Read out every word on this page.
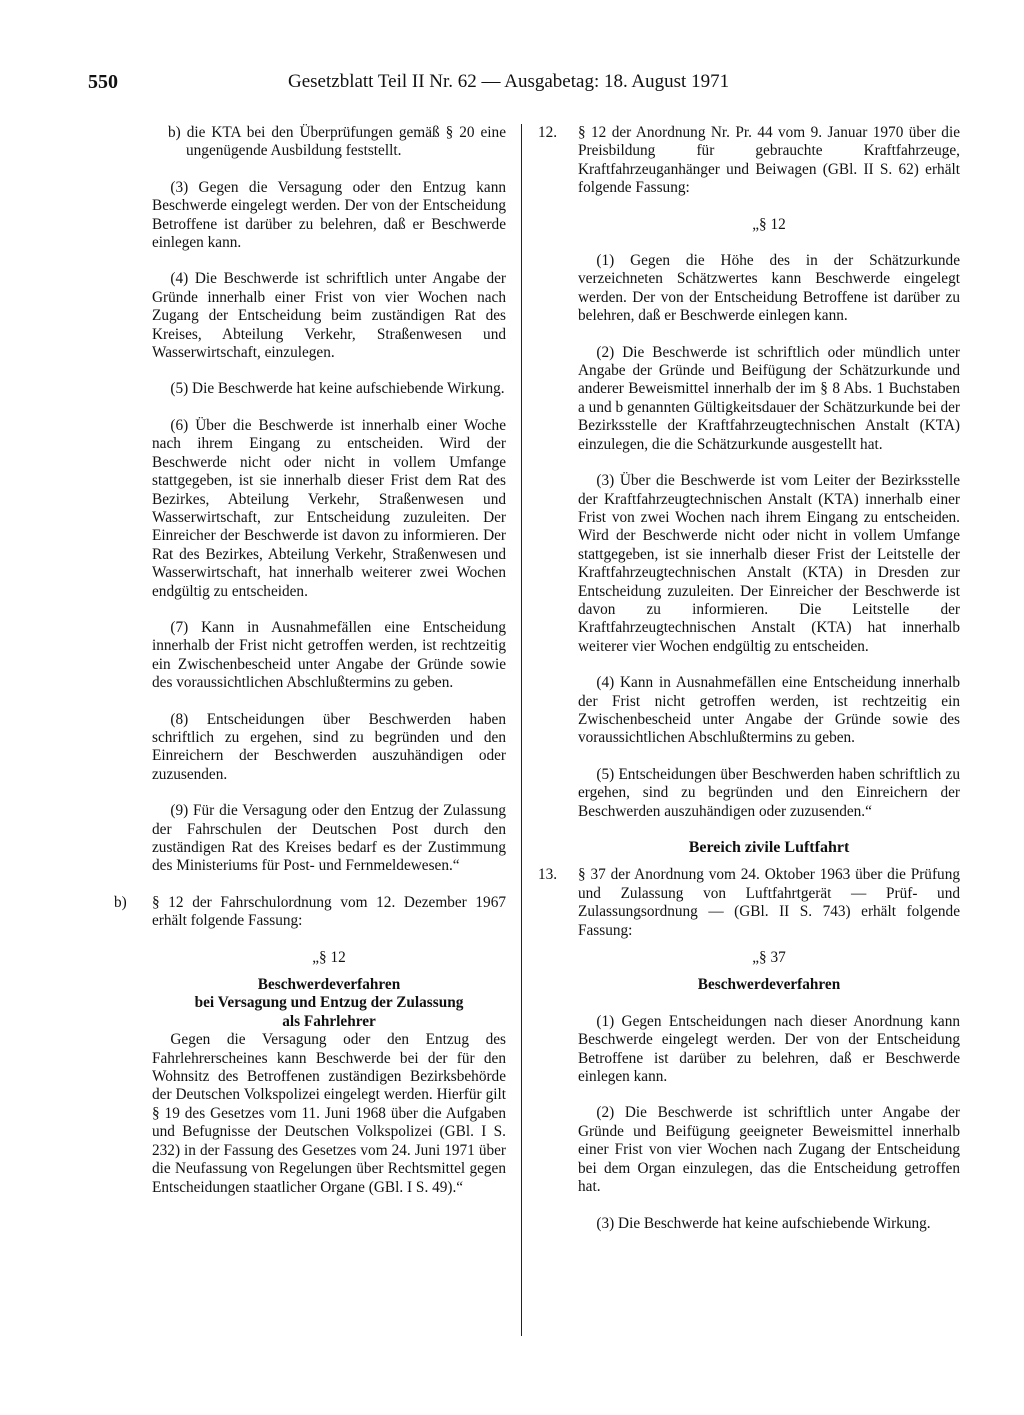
550	Gesetzblatt Teil II Nr. 62 — Ausgabetag: 18. August 1971

b) die KTA bei den Überprüfungen gemäß § 20 eine ungenügende Ausbildung feststellt.

(3) Gegen die Versagung oder den Entzug kann Beschwerde eingelegt werden. Der von der Entscheidung Betroffene ist darüber zu belehren, daß er Beschwerde einlegen kann.

(4) Die Beschwerde ist schriftlich unter Angabe der Gründe innerhalb einer Frist von vier Wochen nach Zugang der Entscheidung beim zuständigen Rat des Kreises, Abteilung Verkehr, Straßenwesen und Wasserwirtschaft, einzulegen.

(5) Die Beschwerde hat keine aufschiebende Wirkung.

(6) Über die Beschwerde ist innerhalb einer Woche nach ihrem Eingang zu entscheiden. Wird der Beschwerde nicht oder nicht in vollem Umfange stattgegeben, ist sie innerhalb dieser Frist dem Rat des Bezirkes, Abteilung Verkehr, Straßenwesen und Wasserwirtschaft, zur Entscheidung zuzuleiten. Der Einreicher der Beschwerde ist davon zu informieren. Der Rat des Bezirkes, Abteilung Verkehr, Straßenwesen und Wasserwirtschaft, hat innerhalb weiterer zwei Wochen endgültig zu entscheiden.

(7) Kann in Ausnahmefällen eine Entscheidung innerhalb der Frist nicht getroffen werden, ist rechtzeitig ein Zwischenbescheid unter Angabe der Gründe sowie des voraussichtlichen Abschlußtermins zu geben.

(8) Entscheidungen über Beschwerden haben schriftlich zu ergehen, sind zu begründen und den Einreichern der Beschwerden auszuhändigen oder zuzusenden.

(9) Für die Versagung oder den Entzug der Zulassung der Fahrschulen der Deutschen Post durch den zuständigen Rat des Kreises bedarf es der Zustimmung des Ministeriums für Post- und Fernmeldewesen.“

b)	§ 12 der Fahrschulordnung vom 12. Dezember 1967 erhält folgende Fassung:

„§ 12

Beschwerdeverfahren

bei Versagung und Entzug der Zulassung

als Fahrlehrer

Gegen die Versagung oder den Entzug des Fahrlehrerscheines kann Beschwerde bei der für den Wohnsitz des Betroffenen zuständigen Bezirksbehörde der Deutschen Volkspolizei eingelegt werden. Hierfür gilt § 19 des Gesetzes vom 11. Juni 1968 über die Aufgaben und Befugnisse der Deutschen Volkspolizei (GBl. I S. 232) in der Fassung des Gesetzes vom 24. Juni 1971 über die Neufassung von Regelungen über Rechtsmittel gegen Entscheidungen staatlicher Organe (GBl. I S. 49).“

12.	§ 12 der Anordnung Nr. Pr. 44 vom 9. Januar 1970 über die Preisbildung für gebrauchte Kraftfahrzeuge, Kraftfahrzeuganhänger und Beiwagen (GBl. II S. 62) erhält folgende Fassung:

„§ 12

(1) Gegen die Höhe des in der Schätzurkunde verzeichneten Schätzwertes kann Beschwerde eingelegt werden. Der von der Entscheidung Betroffene ist darüber zu belehren, daß er Beschwerde einlegen kann.

(2) Die Beschwerde ist schriftlich oder mündlich unter Angabe der Gründe und Beifügung der Schätzurkunde und anderer Beweismittel innerhalb der im § 8 Abs. 1 Buchstaben a und b genannten Gültigkeitsdauer der Schätzurkunde bei der Bezirksstelle der Kraftfahrzeugtechnischen Anstalt (KTA) einzulegen, die die Schätzurkunde ausgestellt hat.

(3) Über die Beschwerde ist vom Leiter der Bezirksstelle der Kraftfahrzeugtechnischen Anstalt (KTA) innerhalb einer Frist von zwei Wochen nach ihrem Eingang zu entscheiden. Wird der Beschwerde nicht oder nicht in vollem Umfange stattgegeben, ist sie innerhalb dieser Frist der Leitstelle der Kraftfahrzeugtechnischen Anstalt (KTA) in Dresden zur Entscheidung zuzuleiten. Der Einreicher der Beschwerde ist davon zu informieren. Die Leitstelle der Kraftfahrzeugtechnischen Anstalt (KTA) hat innerhalb weiterer vier Wochen endgültig zu entscheiden.

(4) Kann in Ausnahmefällen eine Entscheidung innerhalb der Frist nicht getroffen werden, ist rechtzeitig ein Zwischenbescheid unter Angabe der Gründe sowie des voraussichtlichen Abschlußtermins zu geben.

(5) Entscheidungen über Beschwerden haben schriftlich zu ergehen, sind zu begründen und den Einreichern der Beschwerden auszuhändigen oder zuzusenden.“

Bereich zivile Luftfahrt

13.	§ 37 der Anordnung vom 24. Oktober 1963 über die Prüfung und Zulassung von Luftfahrtgerät — Prüf- und Zulassungsordnung — (GBl. II S. 743) erhält folgende Fassung:

„§ 37

Beschwerdeverfahren

(1) Gegen Entscheidungen nach dieser Anordnung kann Beschwerde eingelegt werden. Der von der Entscheidung Betroffene ist darüber zu belehren, daß er Beschwerde einlegen kann.

(2) Die Beschwerde ist schriftlich unter Angabe der Gründe und Beifügung geeigneter Beweismittel innerhalb einer Frist von vier Wochen nach Zugang der Entscheidung bei dem Organ einzulegen, das die Entscheidung getroffen hat.

(3) Die Beschwerde hat keine aufschiebende Wirkung.
